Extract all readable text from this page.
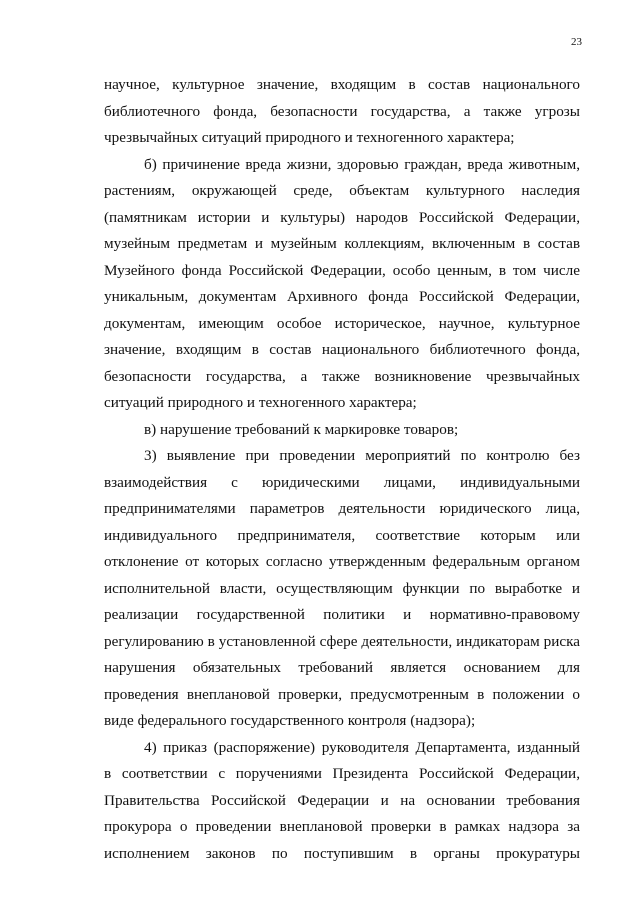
23
научное, культурное значение, входящим в состав национального
библиотечного фонда, безопасности государства, а также угрозы
чрезвычайных ситуаций природного и техногенного характера;
б) причинение вреда жизни, здоровью граждан, вреда животным,
растениям, окружающей среде, объектам культурного наследия
(памятникам истории и культуры) народов Российской Федерации,
музейным предметам и музейным коллекциям, включенным в состав
Музейного фонда Российской Федерации, особо ценным, в том числе
уникальным, документам Архивного фонда Российской Федерации,
документам, имеющим особое историческое, научное, культурное
значение, входящим в состав национального библиотечного фонда,
безопасности государства, а также возникновение чрезвычайных
ситуаций природного и техногенного характера;
в) нарушение требований к маркировке товаров;
3) выявление при проведении мероприятий по контролю без
взаимодействия с юридическими лицами, индивидуальными
предпринимателями параметров деятельности юридического лица,
индивидуального предпринимателя, соответствие которым или
отклонение от которых согласно утвержденным федеральным органом
исполнительной власти, осуществляющим функции по выработке и
реализации государственной политики и нормативно-правовому
регулированию в установленной сфере деятельности, индикаторам риска
нарушения обязательных требований является основанием для
проведения внеплановой проверки, предусмотренным в положении о
виде федерального государственного контроля (надзора);
4) приказ (распоряжение) руководителя Департамента, изданный
в соответствии с поручениями Президента Российской Федерации,
Правительства Российской Федерации и на основании требования
прокурора о проведении внеплановой проверки в рамках надзора за
исполнением законов по поступившим в органы прокуратуры
